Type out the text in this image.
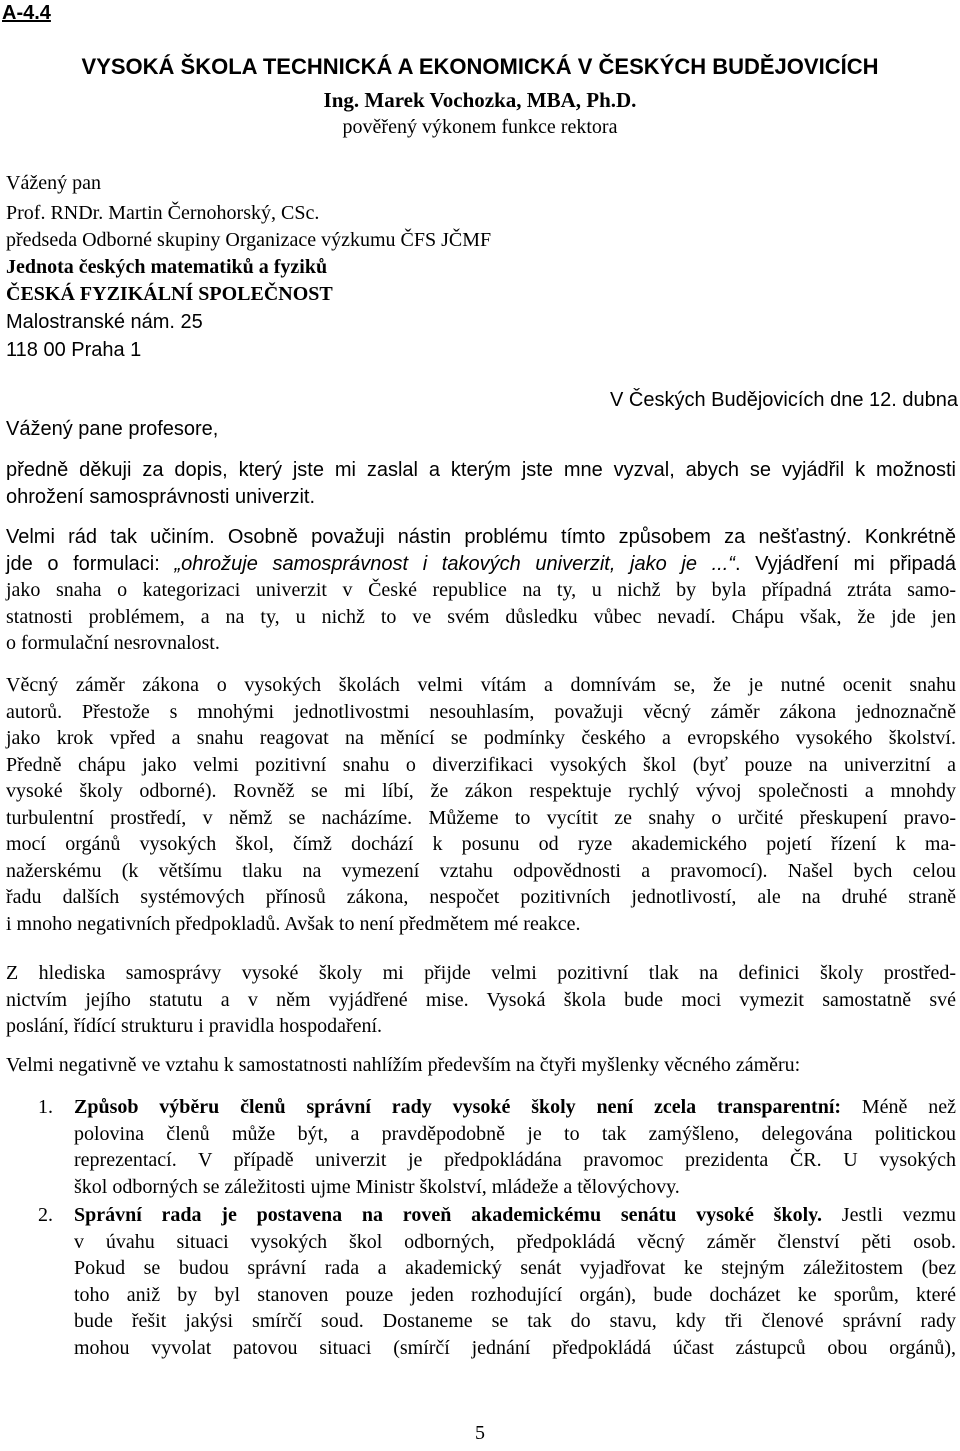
A-4.4
VYSOKÁ ŠKOLA TECHNICKÁ A EKONOMICKÁ V ČESKÝCH BUDĚJOVICÍCH
Ing. Marek Vochozka, MBA, Ph.D.
pověřený výkonem funkce rektora
Vážený pan
Prof. RNDr. Martin Černohorský, CSc.
předseda Odborné skupiny Organizace výzkumu ČFS JČMF
Jednota českých matematiků a fyziků
ČESKÁ FYZIKÁLNÍ SPOLEČNOST
Malostranské nám. 25
118 00 Praha 1
V Českých Budějovicích dne 12. dubna
Vážený pane profesore,
předně děkuji za dopis, který jste mi zaslal a kterým jste mne vyzval, abych se vyjádřil k možnosti
ohrožení samosprávnosti univerzit.
Velmi rád tak učiním. Osobně považuji nástin problému tímto způsobem za nešťastný. Konkrétně
jde o formulaci: „ohrožuje samosprávnost i takových univerzit, jako je ...“. Vyjádření mi připadá
jako snaha o kategorizaci univerzit v České republice na ty, u nichž by byla případná ztráta samo-
statnosti problémem, a na ty, u nichž to ve svém důsledku vůbec nevadí. Chápu však, že jde jen
o formulační nesrovnalost.
Věcný záměr zákona o vysokých školách velmi vítám a domnívám se, že je nutné ocenit snahu
autorů. Přestože s mnohými jednotlivostmi nesouhlasím, považuji věcný záměr zákona jednoznačně
jako krok vpřed a snahu reagovat na měnící se podmínky českého a evropského vysokého školství.
Předně chápu jako velmi pozitivní snahu o diverzifikaci vysokých škol (byť pouze na univerzitní a
vysoké školy odborné). Rovněž se mi líbí, že zákon respektuje rychlý vývoj společnosti a mnohdy
turbulentní prostředí, v němž se nacházíme. Můžeme to vycítit ze snahy o určité přeskupení pravo-
mocí orgánů vysokých škol, čímž dochází k posunu od ryze akademického pojetí řízení k ma-
nažerskému (k většímu tlaku na vymezení vztahu odpovědnosti a pravomocí). Našel bych celou
řadu dalších systémových přínosů zákona, nespočet pozitivních jednotlivostí, ale na druhé straně
i mnoho negativních předpokladů. Avšak to není předmětem mé reakce.
Z hlediska samosprávy vysoké školy mi přijde velmi pozitivní tlak na definici školy prostřed-
nictvím jejího statutu a v něm vyjádřené mise. Vysoká škola bude moci vymezit samostatně své
poslání, řídící strukturu i pravidla hospodaření.
Velmi negativně ve vztahu k samostatnosti nahlížím především na čtyři myšlenky věcného záměru:
1. Způsob výběru členů správní rady vysoké školy není zcela transparentní: Méně než
polovina členů může být, a pravděpodobně je to tak zamýšleno, delegována politickou
reprezentací. V případě univerzit je předpokládána pravomoc prezidenta ČR. U vysokých
škol odborných se záležitosti ujme Ministr školství, mládeže a tělovýchovy.
2. Správní rada je postavena na roveň akademickému senátu vysoké školy. Jestli vezmu
v úvahu situaci vysokých škol odborných, předpokládá věcný záměr členství pěti osob.
Pokud se budou správní rada a akademický senát vyjadřovat ke stejným záležitostem (bez
toho aniž by byl stanoven pouze jeden rozhodující orgán), bude docházet ke sporům, které
bude řešit jakýsi smírčí soud. Dostaneme se tak do stavu, kdy tři členové správní rady
mohou vyvolat patovou situaci (smírčí jednání předpokládá účast zástupců obou orgánů),
5
